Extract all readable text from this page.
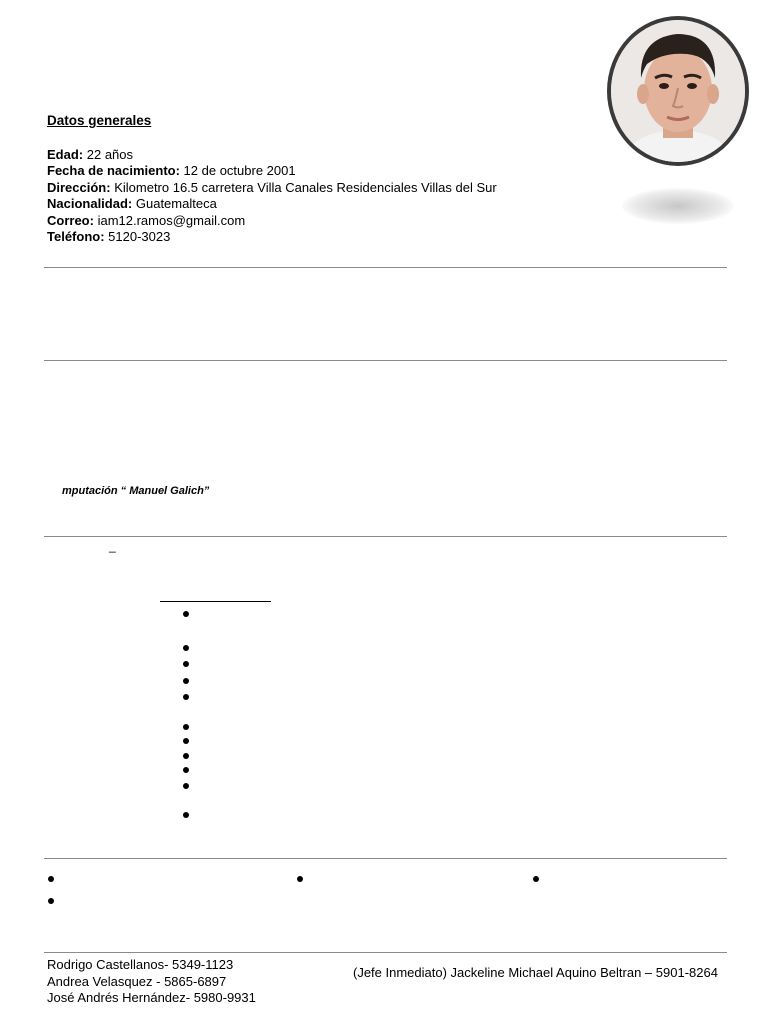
Datos generales
Edad: 22 años
Fecha de nacimiento: 12 de octubre 2001
Dirección: Kilometro 16.5 carretera Villa Canales Residenciales Villas del Sur
Nacionalidad: Guatemalteca
Correo: iam12.ramos@gmail.com
Teléfono: 5120-3023
mputación “ Manuel Galich”
_
Rodrigo Castellanos- 5349-1123
Andrea Velasquez - 5865-6897
José Andrés Hernández- 5980-9931
(Jefe Inmediato) Jackeline Michael Aquino Beltran – 5901-8264
